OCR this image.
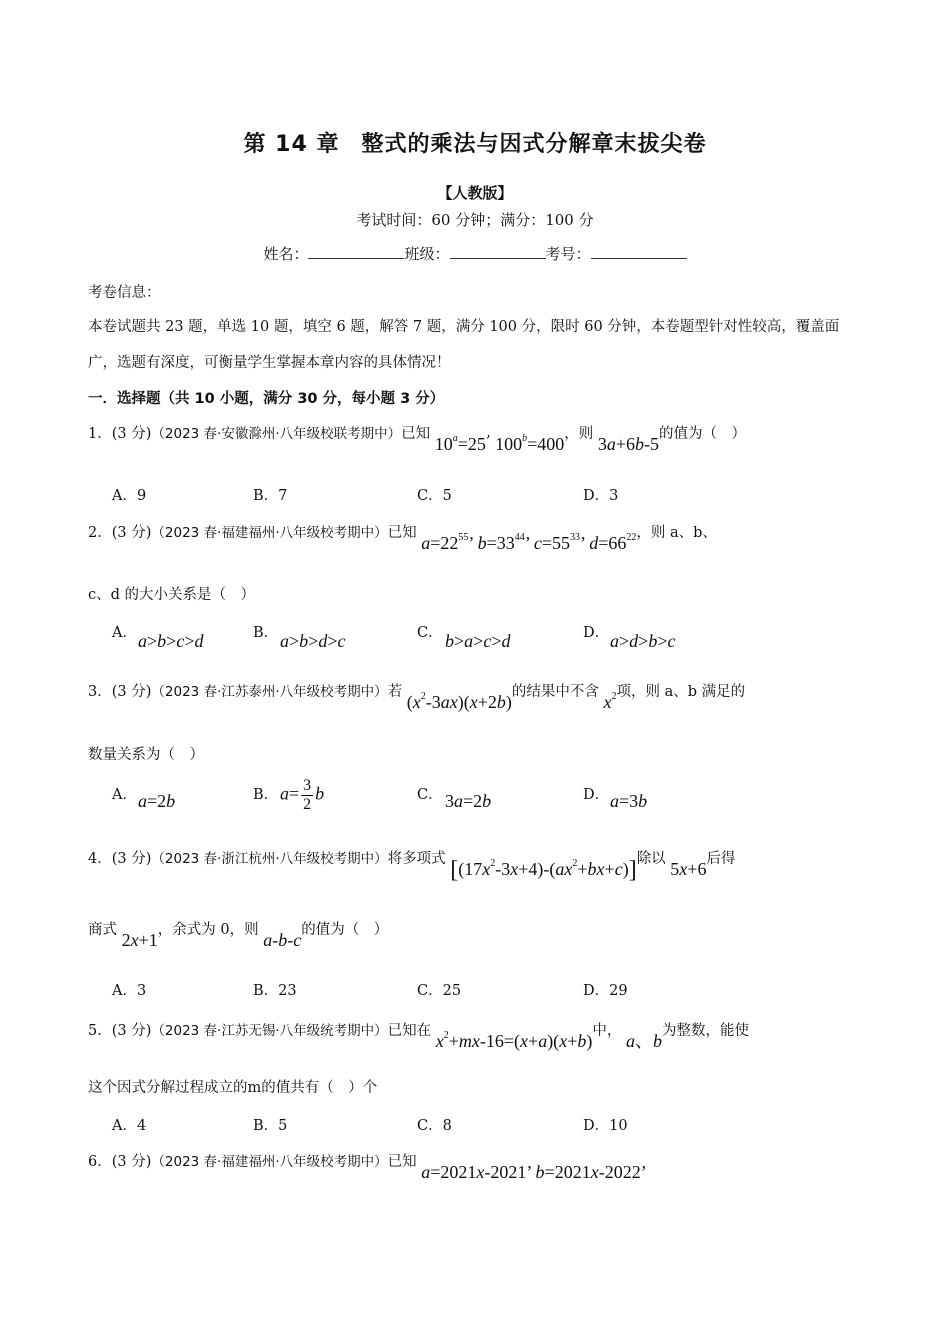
第 14 章 整式的乘法与因式分解章末拔尖卷
【人教版】
考试时间：60 分钟；满分：100 分
姓名：	班级：	考号：
考卷信息：
本卷试题共 23 题，单选 10 题，填空 6 题，解答 7 题，满分 100 分，限时 60 分钟，本卷题型针对性较高，覆盖面广，选题有深度，可衡量学生掌握本章内容的具体情况！
一．选择题（共 10 小题，满分 30 分，每小题 3 分）
1．(3 分)（2023 春·安徽滁州·八年级校联考期中）已知 $10^a=25$’ $100^b=400$，则 3a+6b-5的值为（　）
A．9	B．7	C．5	D．3
2．(3 分)（2023 春·福建福州·八年级校考期中）已知 $a=22^{55}$’ $b=33^{44}$’ $c=55^{33}$’ $d=66^{22}$，则 a、b、
c、d 的大小关系是（　）
A． a>b>c>d	B． a>b>d>c	C． b>a>c>d	D． a>d>b>c
3．(3 分)（2023 春·江苏泰州·八年级校考期中）若 $(x^2-3ax)(x+2b)$的结果中不含 $x^2$项，则 a、b 满足的
数量关系为（　）
A． a=2b	B． $a= \frac{3}{2}$ b	C． 3a=2b	D． a=3b
4．(3 分)（2023 春·浙江杭州·八年级校考期中）将多项式 $[(17x^2-3x+4)-(ax^2+bx+c)]$除以 5x+6后得
商式 2x+1，余式为 0，则 a-b-c的值为（　）
A．3	B．23	C．25	D．29
5．(3 分)（2023 春·江苏无锡·八年级统考期中）已知在 $x^2+mx-16=(x+a)(x+b)$中， a、b为整数，能使
这个因式分解过程成立的m的值共有（　）个
A．4	B．5	C．8	D．10
6．(3 分)（2023 春·福建福州·八年级校考期中）已知 a=2021x-2021’ b=2021x-2022’
